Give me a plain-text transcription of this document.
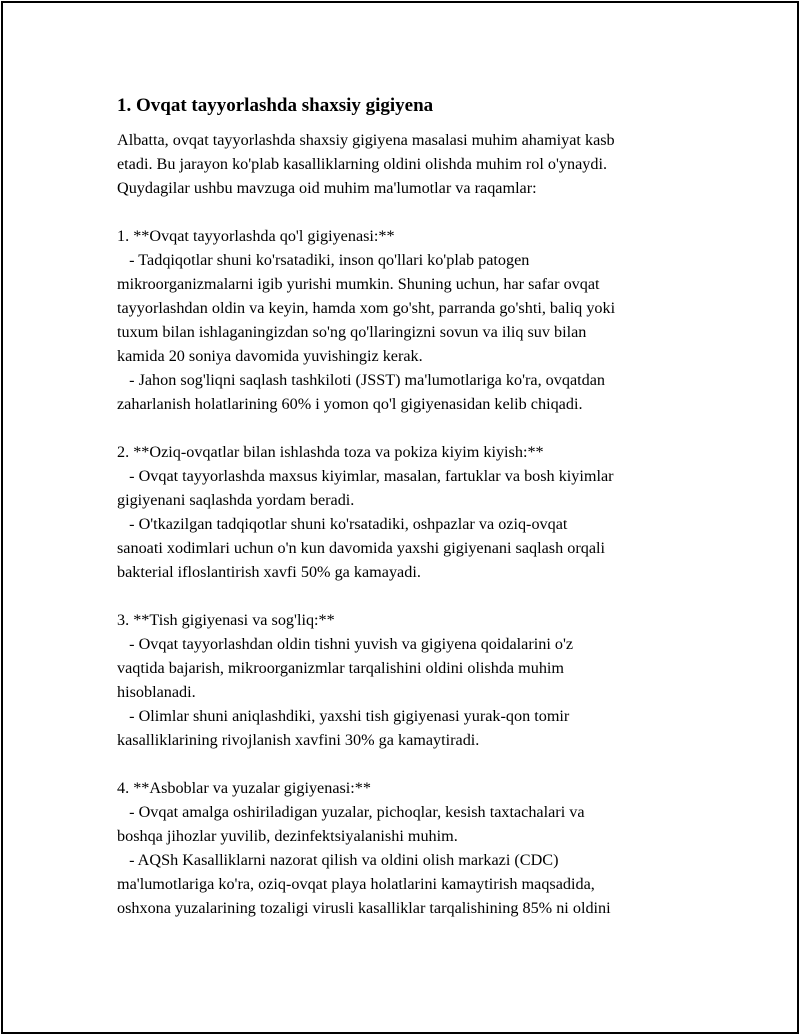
1. Ovqat tayyorlashda shaxsiy gigiyena
Albatta, ovqat tayyorlashda shaxsiy gigiyena masalasi muhim ahamiyat kasb
etadi. Bu jarayon ko'plab kasalliklarning oldini olishda muhim rol o'ynaydi.
Quydagilar ushbu mavzuga oid muhim ma'lumotlar va raqamlar:
1. **Ovqat tayyorlashda qo'l gigiyenasi:**
- Tadqiqotlar shuni ko'rsatadiki, inson qo'llari ko'plab patogen
mikroorganizmalarni igib yurishi mumkin. Shuning uchun, har safar ovqat
tayyorlashdan oldin va keyin, hamda xom go'sht, parranda go'shti, baliq yoki
tuxum bilan ishlaganingizdan so'ng qo'llaringizni sovun va iliq suv bilan
kamida 20 soniya davomida yuvishingiz kerak.
- Jahon sog'liqni saqlash tashkiloti (JSST) ma'lumotlariga ko'ra, ovqatdan
zaharlanish holatlarining 60% i yomon qo'l gigiyenasidan kelib chiqadi.
2. **Oziq-ovqatlar bilan ishlashda toza va pokiza kiyim kiyish:**
- Ovqat tayyorlashda maxsus kiyimlar, masalan, fartuklar va bosh kiyimlar
gigiyenani saqlashda yordam beradi.
- O'tkazilgan tadqiqotlar shuni ko'rsatadiki, oshpazlar va oziq-ovqat
sanoati xodimlari uchun o'n kun davomida yaxshi gigiyenani saqlash orqali
bakterial ifloslantirish xavfi 50% ga kamayadi.
3. **Tish gigiyenasi va sog'liq:**
- Ovqat tayyorlashdan oldin tishni yuvish va gigiyena qoidalarini o'z
vaqtida bajarish, mikroorganizmlar tarqalishini oldini olishda muhim
hisoblanadi.
- Olimlar shuni aniqlashdiki, yaxshi tish gigiyenasi yurak-qon tomir
kasalliklarining rivojlanish xavfini 30% ga kamaytiradi.
4. **Asboblar va yuzalar gigiyenasi:**
- Ovqat amalga oshiriladigan yuzalar, pichoqlar, kesish taxtachalari va
boshqa jihozlar yuvilib, dezinfektsiyalanishi muhim.
- AQSh Kasalliklarni nazorat qilish va oldini olish markazi (CDC)
ma'lumotlariga ko'ra, oziq-ovqat playa holatlarini kamaytirish maqsadida,
oshxona yuzalarining tozaligi virusli kasalliklar tarqalishining 85% ni oldini
